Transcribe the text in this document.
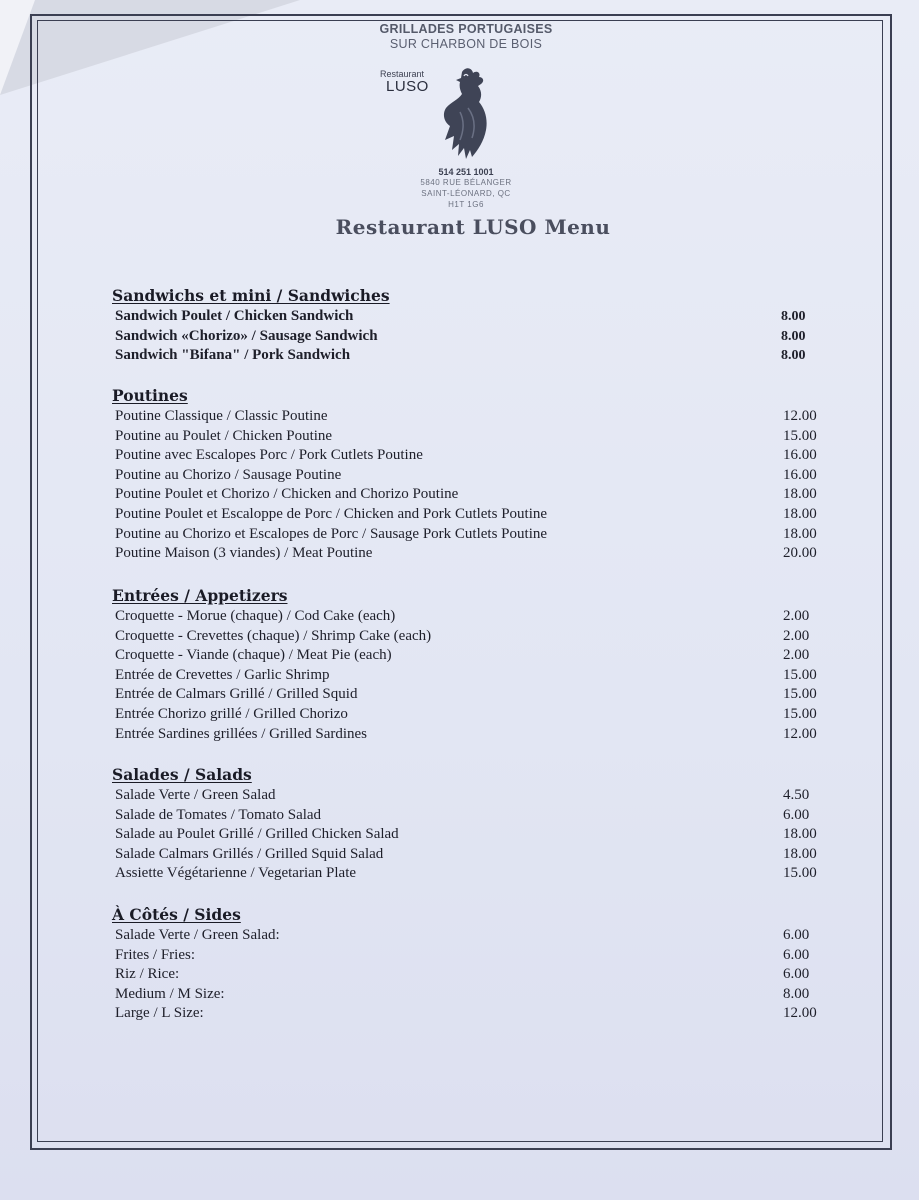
GRILLADES PORTUGAISES
SUR CHARBON DE BOIS
Restaurant
LUSO
514 251 1001
5840 RUE BÉLANGER
SAINT-LÉONARD, QC
H1T 1G6
Restaurant LUSO Menu
Sandwichs et mini / Sandwiches
Sandwich Poulet / Chicken Sandwich	8.00
Sandwich «Chorizo» / Sausage Sandwich	8.00
Sandwich "Bifana" / Pork Sandwich	8.00
Poutines
Poutine Classique / Classic Poutine	12.00
Poutine au Poulet / Chicken Poutine	15.00
Poutine avec Escalopes Porc / Pork Cutlets Poutine	16.00
Poutine au Chorizo / Sausage Poutine	16.00
Poutine Poulet et Chorizo / Chicken and Chorizo Poutine	18.00
Poutine Poulet et Escaloppe de Porc / Chicken and Pork Cutlets Poutine	18.00
Poutine au Chorizo et Escalopes de Porc / Sausage Pork Cutlets Poutine	18.00
Poutine Maison (3 viandes) / Meat Poutine	20.00
Entrées / Appetizers
Croquette - Morue (chaque) / Cod Cake (each)	2.00
Croquette - Crevettes (chaque) / Shrimp Cake (each)	2.00
Croquette - Viande (chaque) / Meat Pie (each)	2.00
Entrée de Crevettes / Garlic Shrimp	15.00
Entrée de Calmars Grillé / Grilled Squid	15.00
Entrée Chorizo grillé / Grilled Chorizo	15.00
Entrée Sardines grillées / Grilled Sardines	12.00
Salades / Salads
Salade Verte / Green Salad	4.50
Salade de Tomates / Tomato Salad	6.00
Salade au Poulet Grillé / Grilled Chicken Salad	18.00
Salade Calmars Grillés / Grilled Squid Salad	18.00
Assiette Végétarienne / Vegetarian Plate	15.00
À Côtés / Sides
Salade Verte / Green Salad:	6.00
Frites / Fries:	6.00
Riz / Rice:	6.00
Medium / M Size:	8.00
Large / L Size:	12.00
